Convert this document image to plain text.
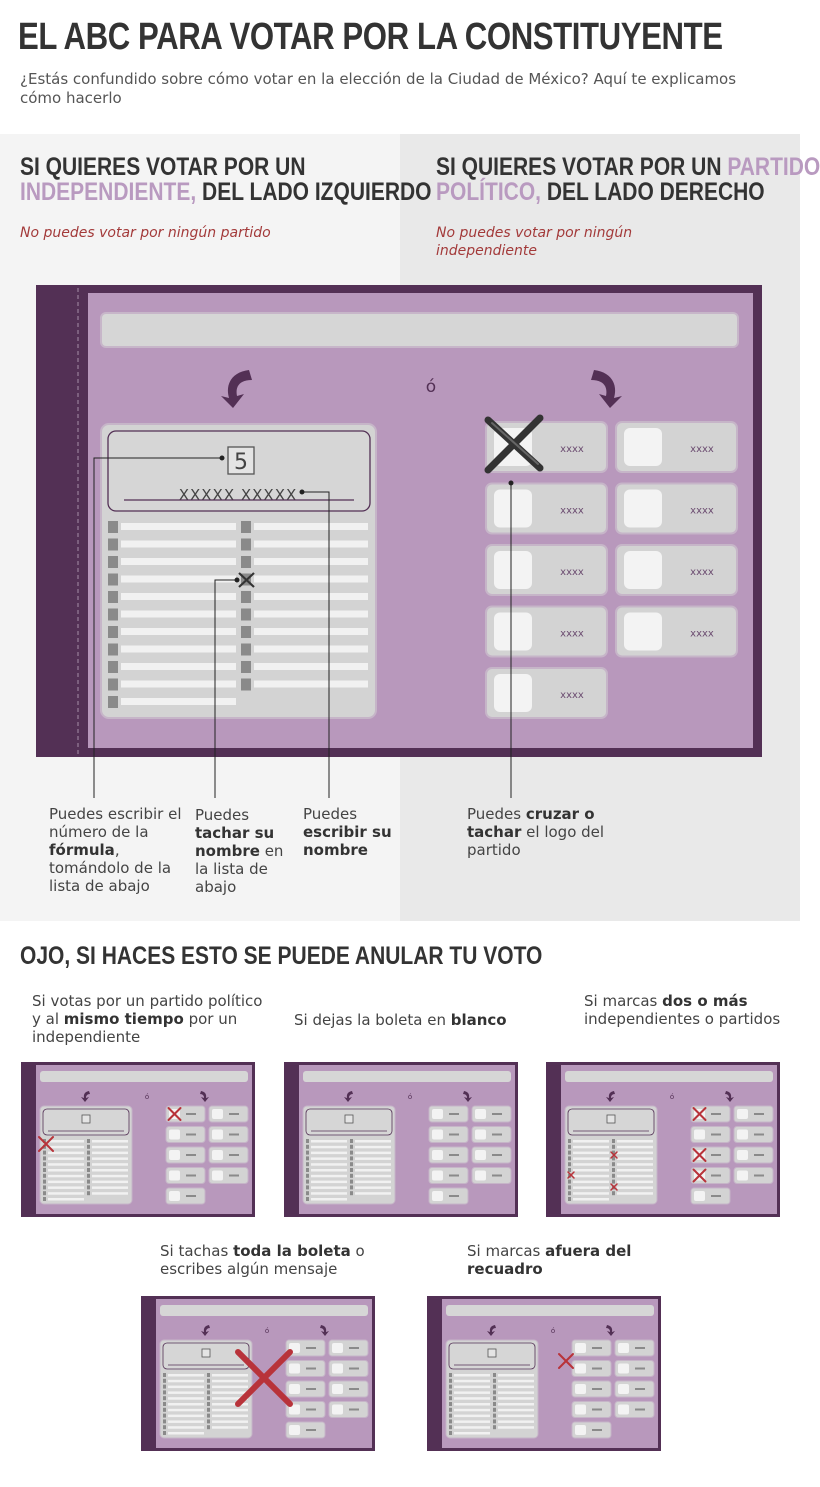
EL ABC PARA VOTAR POR LA CONSTITUYENTE
¿Estás confundido sobre cómo votar en la elección de la Ciudad de México? Aquí te explicamos cómo hacerlo
SI QUIERES VOTAR POR UN
INDEPENDIENTE, DEL LADO IZQUIERDO
No puedes votar por ningún partido
SI QUIERES VOTAR POR UN PARTIDO
POLÍTICO, DEL LADO DERECHO
No puedes votar por ningún independiente
ó
5
XXXXX XXXXX
xxxx	xxxx
xxxx	xxxx
xxxx	xxxx
xxxx	xxxx
xxxx
Puedes escribir el número de la fórmula, tomándolo de la lista de abajo
Puedes tachar su nombre en la lista de abajo
Puedes escribir su nombre
Puedes cruzar o tachar el logo del partido
OJO, SI HACES ESTO SE PUEDE ANULAR TU VOTO
Si votas por un partido político y al mismo tiempo por un independiente
Si dejas la boleta en blanco
Si marcas dos o más independientes o partidos
Si tachas toda la boleta o escribes algún mensaje
Si marcas afuera del recuadro
ó	ó	ó
ó	ó
